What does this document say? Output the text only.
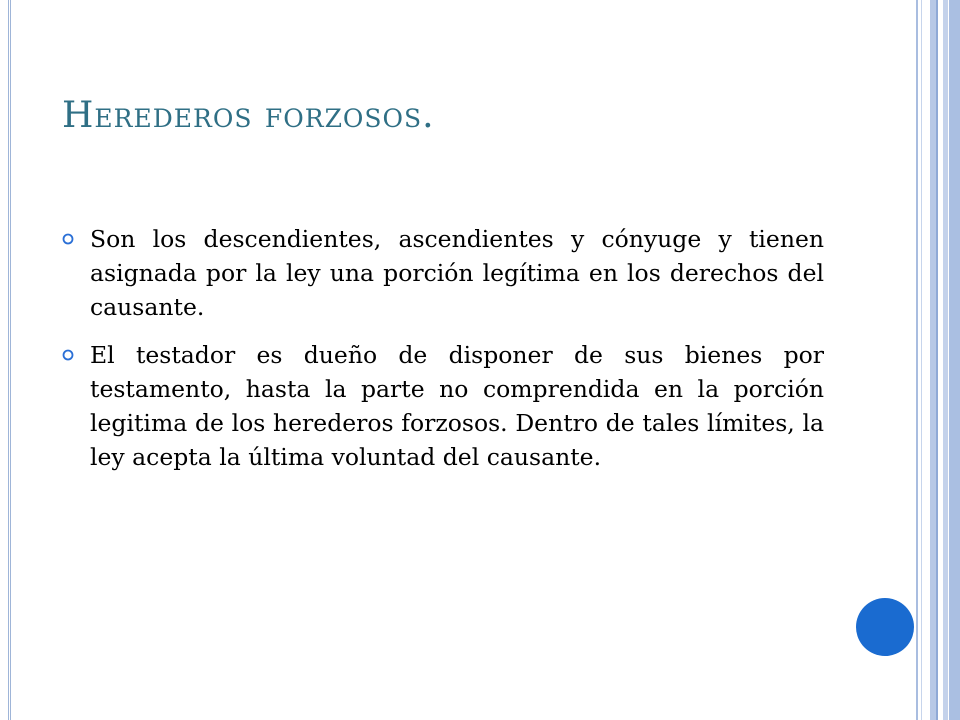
Herederos forzosos.
Son los descendientes, ascendientes y cónyuge y tienen asignada por la ley una porción legítima en los derechos del causante.
El testador es dueño de disponer de sus bienes por testamento, hasta la parte no comprendida en la porción legitima de los herederos forzosos. Dentro de tales límites, la ley acepta la última voluntad del causante.
